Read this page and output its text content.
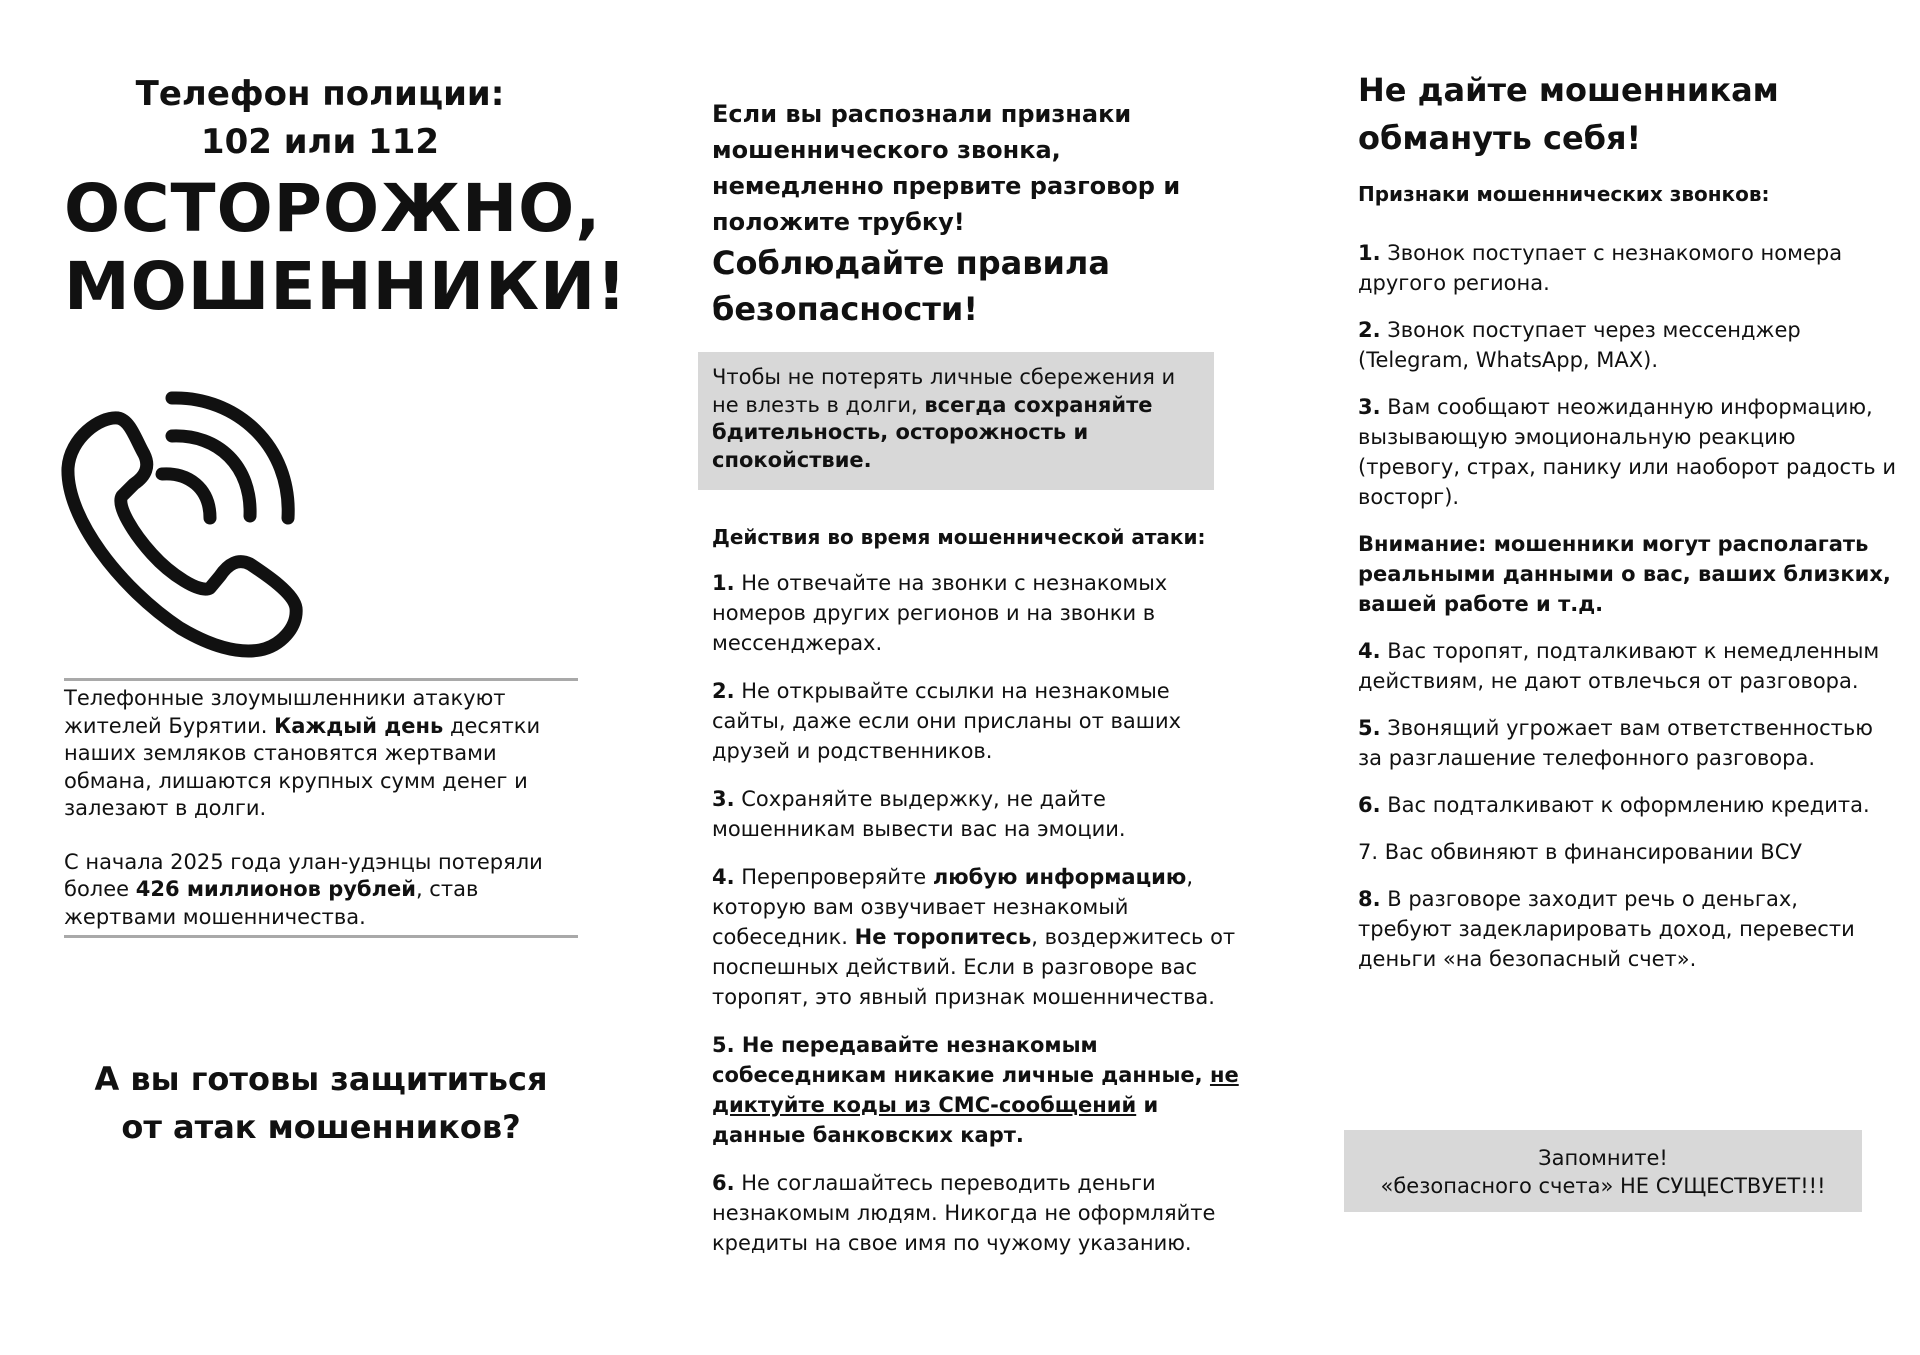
Телефон полиции:
102 или 112
ОСТОРОЖНО,
МОШЕННИКИ!

Телефонные злоумышленники атакуют жителей Бурятии. Каждый день десятки наших земляков становятся жертвами обмана, лишаются крупных сумм денег и залезают в долги.

С начала 2025 года улан-удэнцы потеряли более 426 миллионов рублей, став жертвами мошенничества.

А вы готовы защититься
от атак мошенников?
Если вы распознали признаки мошеннического звонка, немедленно прервите разговор и положите трубку!
Соблюдайте правила безопасности!
Чтобы не потерять личные сбережения и не влезть в долги, всегда сохраняйте бдительность, осторожность и спокойствие.
Действия во время мошеннической атаки:
1. Не отвечайте на звонки с незнакомых номеров других регионов и на звонки в мессенджерах.
2. Не открывайте ссылки на незнакомые сайты, даже если они присланы от ваших друзей и родственников.
3. Сохраняйте выдержку, не дайте мошенникам вывести вас на эмоции.
4. Перепроверяйте любую информацию, которую вам озвучивает незнакомый собеседник. Не торопитесь, воздержитесь от поспешных действий. Если в разговоре вас торопят, это явный признак мошенничества.
5. Не передавайте незнакомым собеседникам никакие личные данные, не диктуйте коды из СМС-сообщений и данные банковских карт.
6. Не соглашайтесь переводить деньги незнакомым людям. Никогда не оформляйте кредиты на свое имя по чужому указанию.
Не дайте мошенникам обмануть себя!
Признаки мошеннических звонков:
1. Звонок поступает с незнакомого номера другого региона.
2. Звонок поступает через мессенджер (Telegram, WhatsApp, MAX).
3. Вам сообщают неожиданную информацию, вызывающую эмоциональную реакцию (тревогу, страх, панику или наоборот радость и восторг).
Внимание: мошенники могут располагать реальными данными о вас, ваших близких, вашей работе и т.д.
4. Вас торопят, подталкивают к немедленным действиям, не дают отвлечься от разговора.
5. Звонящий угрожает вам ответственностью за разглашение телефонного разговора.
6. Вас подталкивают к оформлению кредита.
7. Вас обвиняют в финансировании ВСУ
8. В разговоре заходит речь о деньгах, требуют задекларировать доход, перевести деньги «на безопасный счет».
Запомните!
«безопасного счета» НЕ СУЩЕСТВУЕТ!!!
